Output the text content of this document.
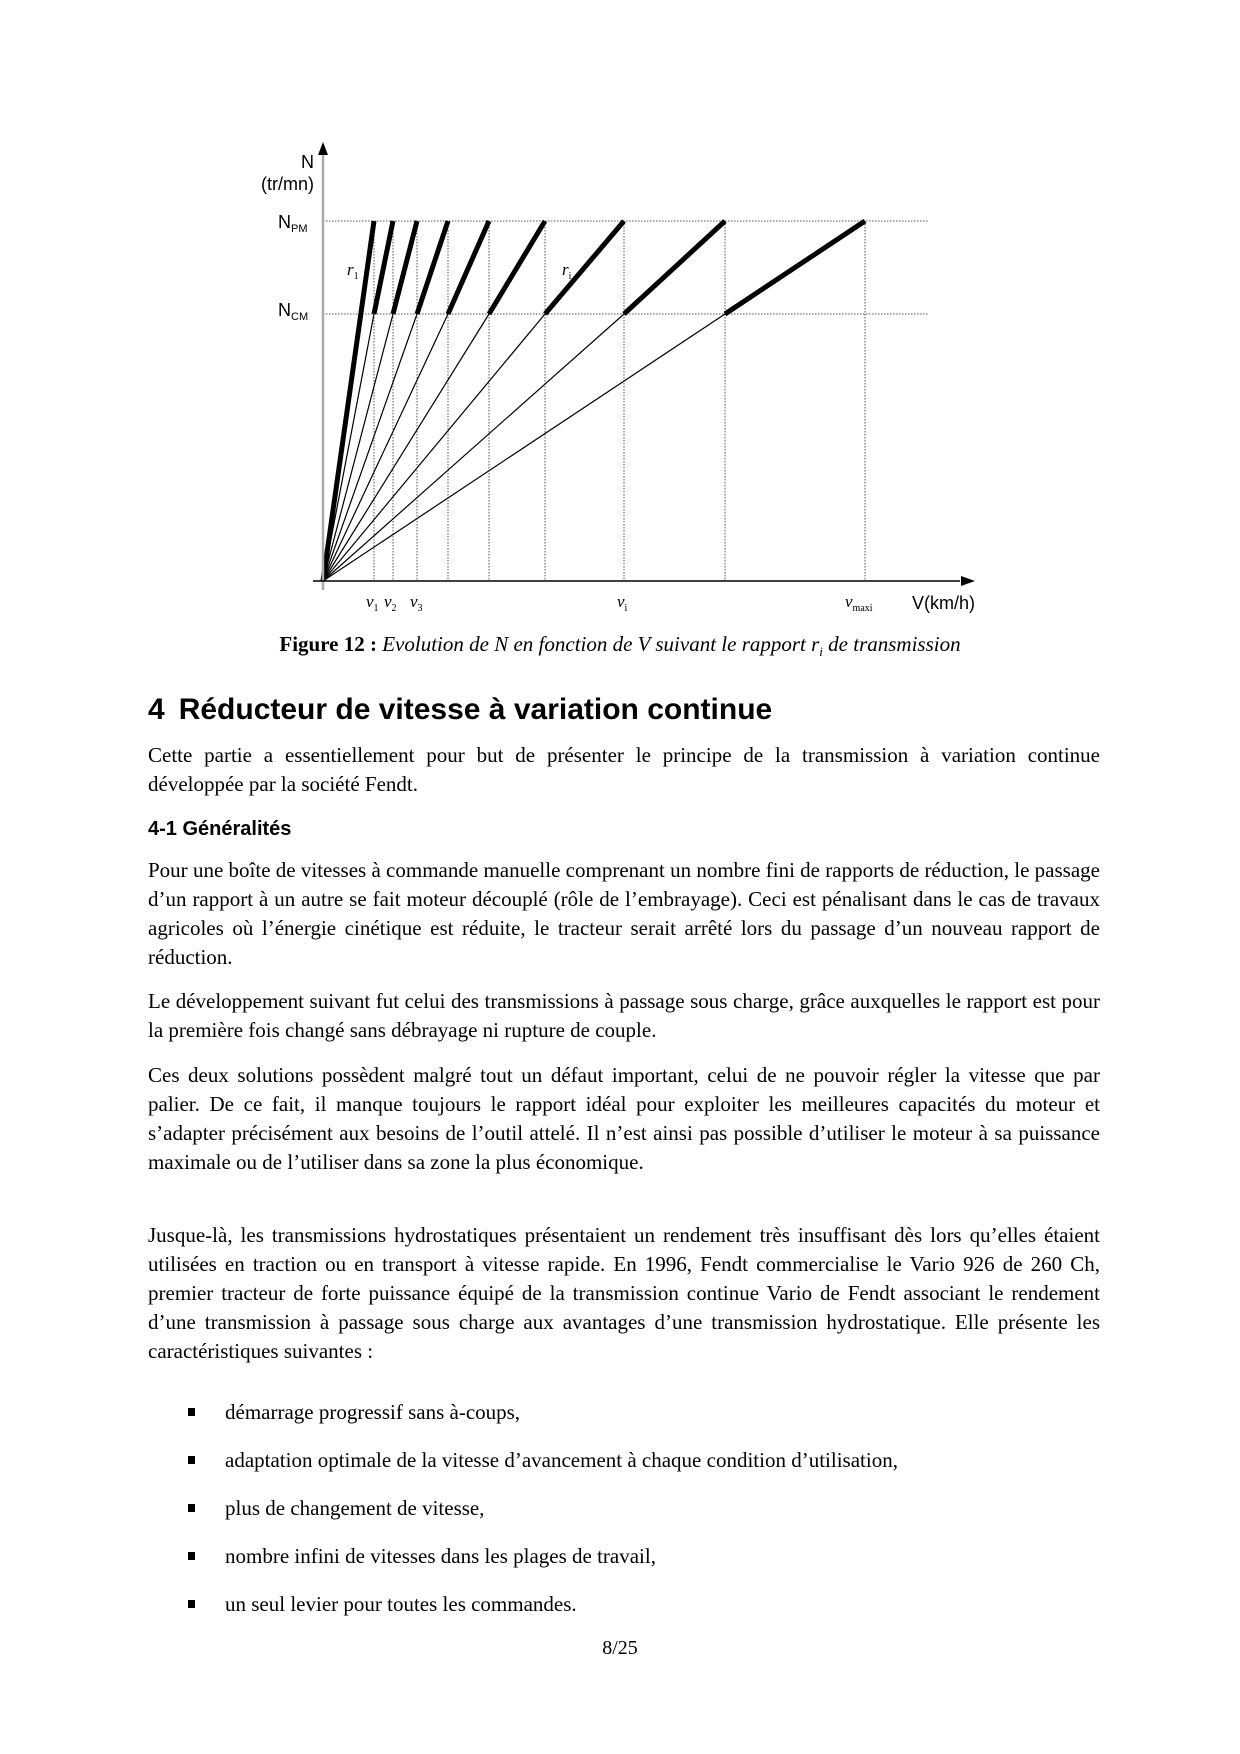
N
(tr/mn)
$N_{PM}$
$N_{CM}$
$r_1$	$r_i$
$v_1$ $v_2$ $v_3$	$v_i$	$v_{maxi}$ V(km/h)
Figure 12 : Evolution de N en fonction de V suivant le rapport $r_i$ de transmission
4 Réducteur de vitesse à variation continue

Cette partie a essentiellement pour but de présenter le principe de la transmission à variation continue développée par la société Fendt.

4-1 Généralités

Pour une boîte de vitesses à commande manuelle comprenant un nombre fini de rapports de réduction, le passage d’un rapport à un autre se fait moteur découplé (rôle de l’embrayage). Ceci est pénalisant dans le cas de travaux agricoles où l’énergie cinétique est réduite, le tracteur serait arrêté lors du passage d’un nouveau rapport de réduction.

Le développement suivant fut celui des transmissions à passage sous charge, grâce auxquelles le rapport est pour la première fois changé sans débrayage ni rupture de couple.

Ces deux solutions possèdent malgré tout un défaut important, celui de ne pouvoir régler la vitesse que par palier. De ce fait, il manque toujours le rapport idéal pour exploiter les meilleures capacités du moteur et s’adapter précisément aux besoins de l’outil attelé. Il n’est ainsi pas possible d’utiliser le moteur à sa puissance maximale ou de l’utiliser dans sa zone la plus économique.

Jusque-là, les transmissions hydrostatiques présentaient un rendement très insuffisant dès lors qu’elles étaient utilisées en traction ou en transport à vitesse rapide. En 1996, Fendt commercialise le Vario 926 de 260 Ch, premier tracteur de forte puissance équipé de la transmission continue Vario de Fendt associant le rendement d’une transmission à passage sous charge aux avantages d’une transmission hydrostatique. Elle présente les caractéristiques suivantes :

démarrage progressif sans à-coups,
adaptation optimale de la vitesse d’avancement à chaque condition d’utilisation,
plus de changement de vitesse,
nombre infini de vitesses dans les plages de travail,
un seul levier pour toutes les commandes.
8/25
